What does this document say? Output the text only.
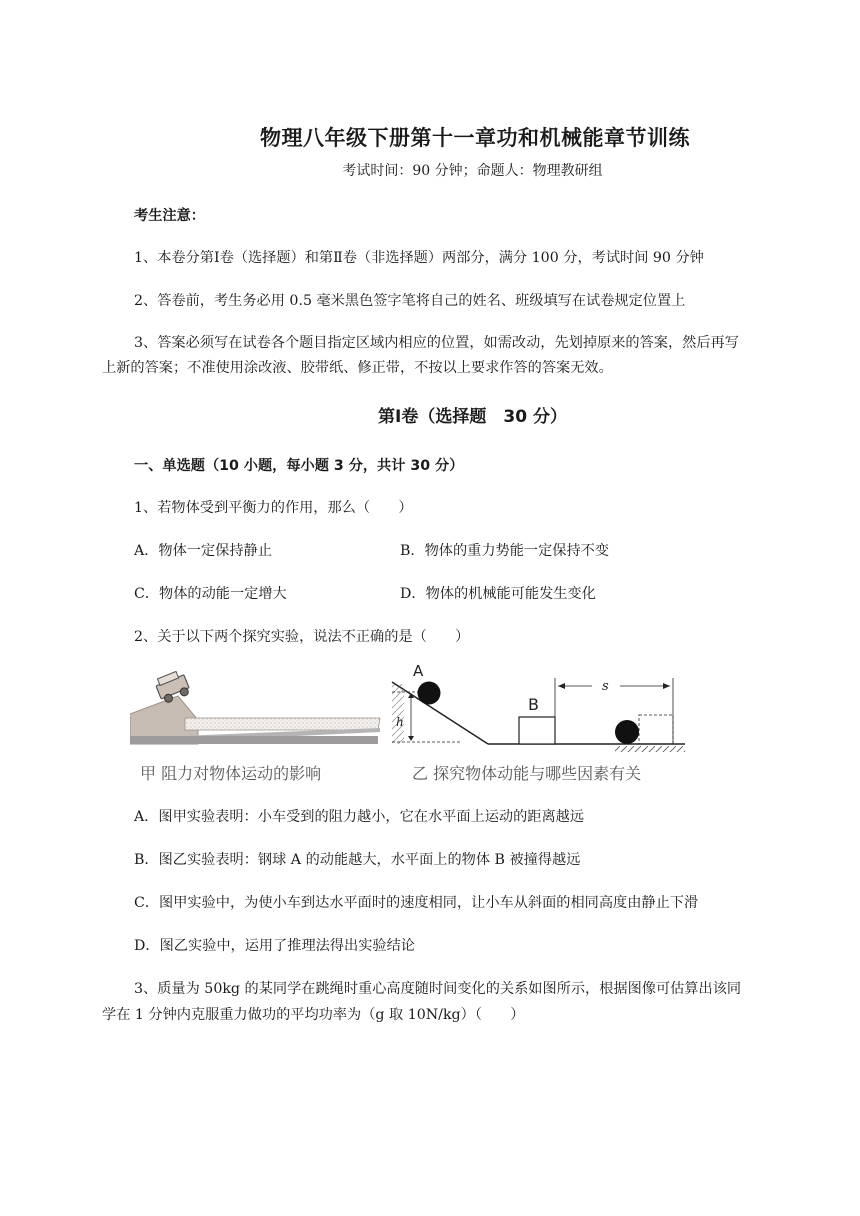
物理八年级下册第十一章功和机械能章节训练
考试时间：90 分钟；命题人：物理教研组
考生注意：
1、本卷分第Ⅰ卷（选择题）和第Ⅱ卷（非选择题）两部分，满分 100 分，考试时间 90 分钟
2、答卷前，考生务必用 0.5 毫米黑色签字笔将自己的姓名、班级填写在试卷规定位置上
3、答案必须写在试卷各个题目指定区域内相应的位置，如需改动，先划掉原来的答案，然后再写
上新的答案；不准使用涂改液、胶带纸、修正带，不按以上要求作答的答案无效。
第Ⅰ卷（选择题　30 分）
一、单选题（10 小题，每小题 3 分，共计 30 分）
1、若物体受到平衡力的作用，那么（　　）
A．物体一定保持静止	B．物体的重力势能一定保持不变
C．物体的动能一定增大	D．物体的机械能可能发生变化
2、关于以下两个探究实验，说法不正确的是（　　）
h
A
B
s
甲 阻力对物体运动的影响	乙 探究物体动能与哪些因素有关
A．图甲实验表明：小车受到的阻力越小，它在水平面上运动的距离越远
B．图乙实验表明：钢球 A 的动能越大，水平面上的物体 B 被撞得越远
C．图甲实验中，为使小车到达水平面时的速度相同，让小车从斜面的相同高度由静止下滑
D．图乙实验中，运用了推理法得出实验结论
3、质量为 50kg 的某同学在跳绳时重心高度随时间变化的关系如图所示，根据图像可估算出该同
学在 1 分钟内克服重力做功的平均功率为（g 取 10N/kg）（　　）
